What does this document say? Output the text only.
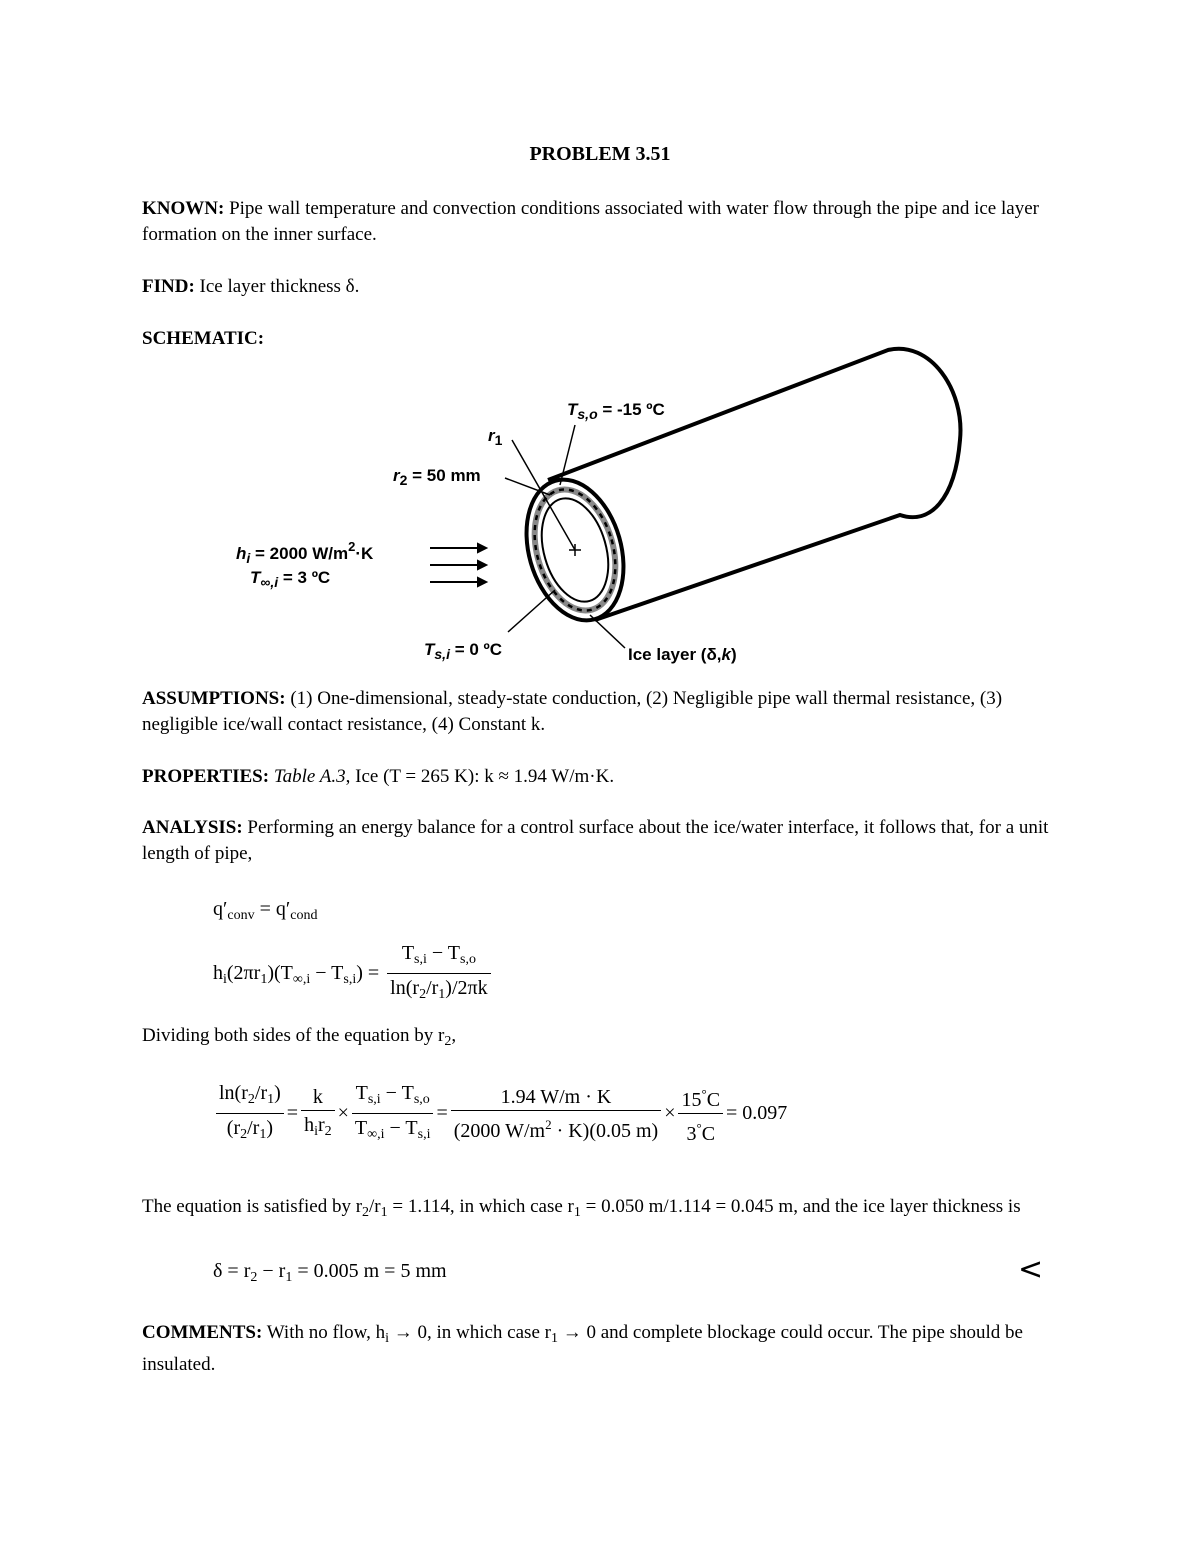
PROBLEM 3.51
KNOWN: Pipe wall temperature and convection conditions associated with water flow through the pipe and ice layer formation on the inner surface.
FIND: Ice layer thickness δ.
SCHEMATIC:
$T_{s,o} = -15$ ºC
$r_1$
$r_2 = 50$ mm
$h_i = 2000$ $W/m^2\cdot K$
$T_{\infty,i} = 3$ ºC
$T_{s,i} = 0$ ºC	Ice layer (δ,k)
ASSUMPTIONS: (1) One-dimensional, steady-state conduction, (2) Negligible pipe wall thermal resistance, (3) negligible ice/wall contact resistance, (4) Constant k.
PROPERTIES: Table A.3, Ice (T = 265 K): k ≈ 1.94 W/m·K.
ANALYSIS: Performing an energy balance for a control surface about the ice/water interface, it follows that, for a unit length of pipe,
$q'_{conv} = q'_{cond}$
$h_i(2\pi r_1)(T_{\infty,i} - T_{s,i}) = \frac{T_{s,i} - T_{s,o}}{\ln(r_2/r_1)/2\pi k}$
Dividing both sides of the equation by $r_2$,
$\frac{\ln(r_2/r_1)}{(r_2/r_1)} = \frac{k}{h_ir_2} \times \frac{T_{s,i} - T_{s,o}}{T_{\infty,i} - T_{s,i}} = \frac{1.94 W/m \cdot K}{(2000 W/m^2 \cdot K)(0.05 m)} \times \frac{15^\circ C}{3^\circ C} = 0.097$
The equation is satisfied by $r_2/r_1 = 1.114$, in which case $r_1 = 0.050$ m/1.114 = 0.045 m, and the ice layer thickness is
$\delta = r_2 - r_1 = 0.005$ m = 5 mm	<
COMMENTS: With no flow, $h_i \to 0$, in which case $r_1 \to 0$ and complete blockage could occur. The pipe should be insulated.
